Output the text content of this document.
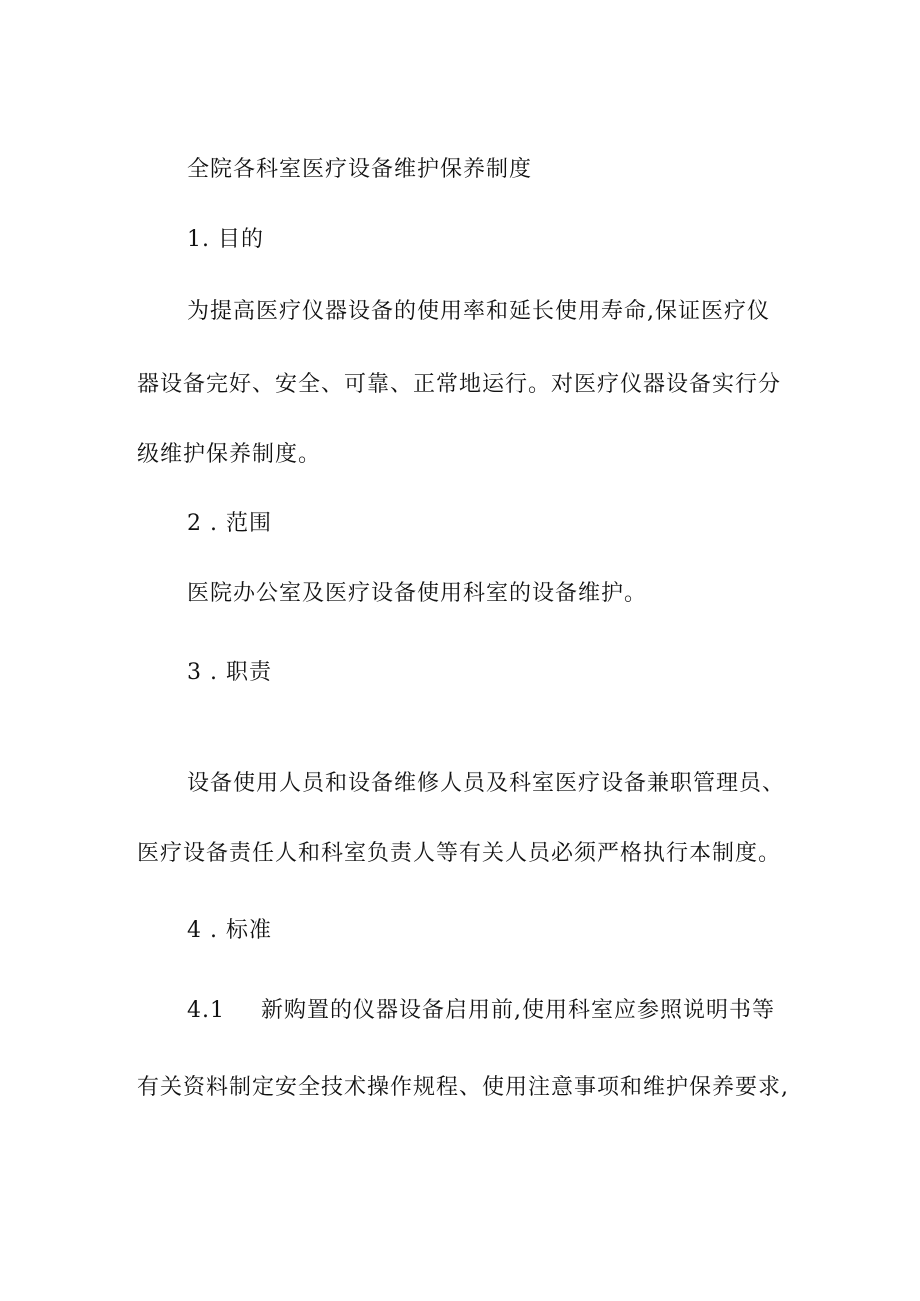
全院各科室医疗设备维护保养制度

1. 目的

为提高医疗仪器设备的使用率和延长使用寿命,保证医疗仪

器设备完好、安全、可靠、正常地运行。对医疗仪器设备实行分

级维护保养制度。

2 . 范围

医院办公室及医疗设备使用科室的设备维护。

3 . 职责

设备使用人员和设备维修人员及科室医疗设备兼职管理员、

医疗设备责任人和科室负责人等有关人员必须严格执行本制度。

4 . 标准

4.1 新购置的仪器设备启用前,使用科室应参照说明书等

有关资料制定安全技术操作规程、使用注意事项和维护保养要求,
